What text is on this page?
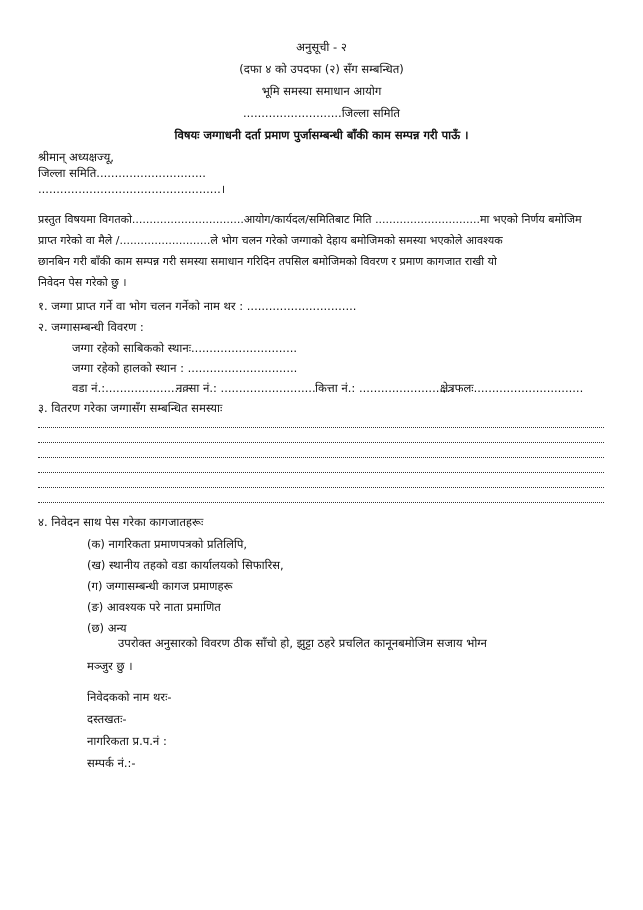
अनुसूची - २
(दफा ४ को उपदफा (२) सँग सम्बन्धित)
भूमि समस्या समाधान आयोग
...........................जिल्ला समिति
विषयः जग्गाधनी दर्ता प्रमाण पुर्जासम्बन्धी बाँकी काम सम्पन्न गरी पाऊँ ।
श्रीमान् अध्यक्षज्यू,
जिल्ला समिति..............................
..................................................।
प्रस्तुत विषयमा विगतको................................आयोग/कार्यदल/समितिबाट मिति ..............................मा भएको निर्णय बमोजिम
प्राप्त गरेको वा मैले /..........................ले भोग चलन गरेको जग्गाको देहाय बमोजिमको समस्या भएकोले आवश्यक
छानबिन गरी बाँकी काम सम्पन्न गरी समस्या समाधान गरिदिन तपसिल बमोजिमको विवरण र प्रमाण कागजात राखी यो
निवेदन पेस गरेको छु ।
१. जग्गा प्राप्त गर्ने वा भोग चलन गर्नेको नाम थर : ..............................
२. जग्गासम्बन्धी विवरण :
जग्गा रहेको साबिकको स्थानः.............................
जग्गा रहेको हालको स्थान : ..............................
वडा नं.:......................
नक्सा नं.: .......................... कित्ता नं.: ..........................
क्षेत्रफलः..............................
३. वितरण गरेका जग्गासँग सम्बन्धित समस्याः
४. निवेदन साथ पेस गरेका कागजातहरूः
(क) नागरिकता प्रमाणपत्रको प्रतिलिपि,
(ख) स्थानीय तहको वडा कार्यालयको सिफारिस,
(ग) जग्गासम्बन्धी कागज प्रमाणहरू
(ङ) आवश्यक परे नाता प्रमाणित
(छ) अन्य
उपरोक्त अनुसारको विवरण ठीक साँचो हो, झुट्टा ठहरे प्रचलित कानूनबमोजिम सजाय भोग्न
मञ्जुर छु ।
निवेदकको नाम थरः-
दस्तखतः-
नागरिकता प्र.प.नं :
सम्पर्क नं.:-
